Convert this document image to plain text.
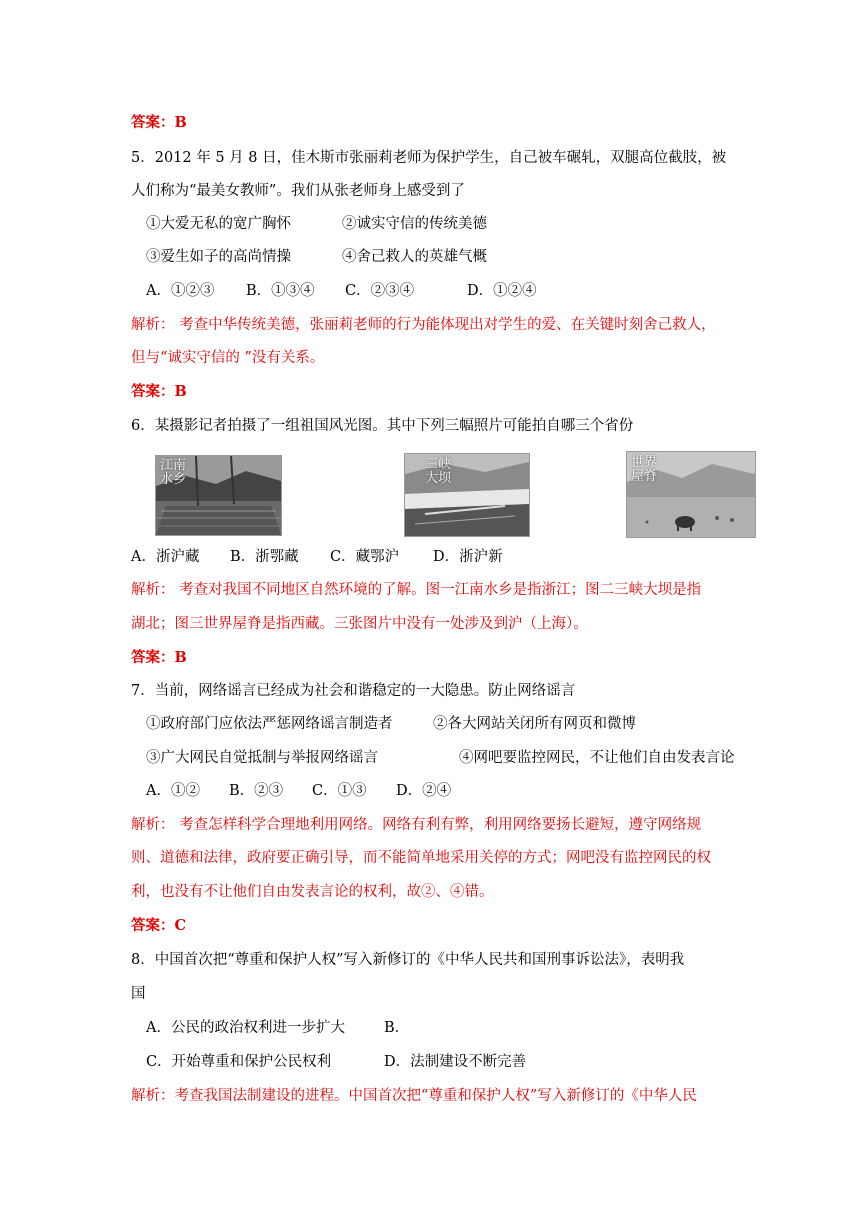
答案：B
5．2012 年 5 月 8 日，佳木斯市张丽莉老师为保护学生，自己被车碾轧，双腿高位截肢，被
人们称为“最美女教师”。我们从张老师身上感受到了
①大爱无私的宽广胸怀	②诚实守信的传统美德
③爱生如子的高尚情操	④舍己救人的英雄气概
A．①②③ B．①③④ C．②③④	D．①②④
解析： 考查中华传统美德，张丽莉老师的行为能体现出对学生的爱、在关键时刻舍己救人，
但与“诚实守信的 ”没有关系。
答案：B
6．某摄影记者拍摄了一组祖国风光图。其中下列三幅照片可能拍自哪三个省份
江南水乡
三峡大坝
世界屋脊
A．浙沪藏 B．浙鄂藏 C．藏鄂沪 D．浙沪新
解析： 考查对我国不同地区自然环境的了解。图一江南水乡是指浙江；图二三峡大坝是指
湖北；图三世界屋脊是指西藏。三张图片中没有一处涉及到沪（上海）。
答案：B
7．当前，网络谣言已经成为社会和谐稳定的一大隐患。防止网络谣言
①政府部门应依法严惩网络谣言制造者	②各大网站关闭所有网页和微博
③广大网民自觉抵制与举报网络谣言	④网吧要监控网民，不让他们自由发表言论
A．①② B．②③ C．①③ D．②④
解析： 考查怎样科学合理地利用网络。网络有利有弊，利用网络要扬长避短，遵守网络规
则、道德和法律，政府要正确引导，而不能简单地采用关停的方式；网吧没有监控网民的权
利，也没有不让他们自由发表言论的权利，故②、④错。
答案：C
8．中国首次把“尊重和保护人权”写入新修订的《中华人民共和国刑事诉讼法》，表明我
国
A．公民的政治权利进一步扩大	B．
C．开始尊重和保护公民权利	D．法制建设不断完善
解析：考查我国法制建设的进程。中国首次把“尊重和保护人权”写入新修订的《中华人民
